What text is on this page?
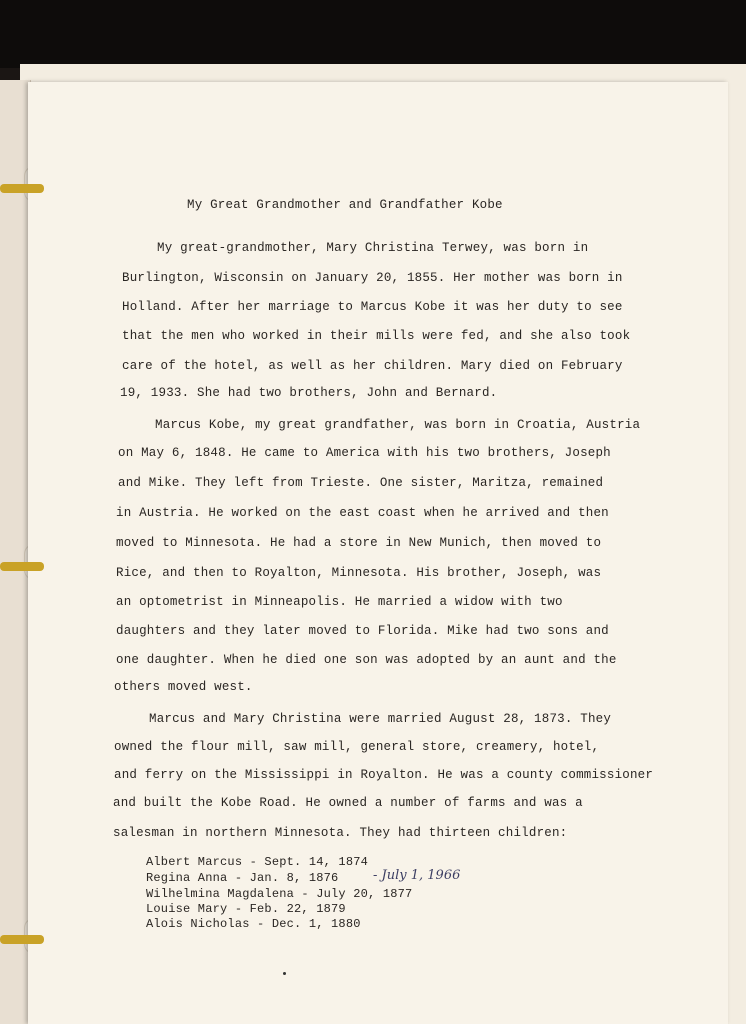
My Great Grandmother and Grandfather Kobe
My great-grandmother, Mary Christina Terwey, was born in
Burlington, Wisconsin on January 20, 1855. Her mother was born in
Holland. After her marriage to Marcus Kobe it was her duty to see
that the men who worked in their mills were fed, and she also took
care of the hotel, as well as her children. Mary died on February
19, 1933. She had two brothers, John and Bernard.
Marcus Kobe, my great grandfather, was born in Croatia, Austria
on May 6, 1848. He came to America with his two brothers, Joseph
and Mike. They left from Trieste. One sister, Maritza, remained
in Austria. He worked on the east coast when he arrived and then
moved to Minnesota. He had a store in New Munich, then moved to
Rice, and then to Royalton, Minnesota. His brother, Joseph, was
an optometrist in Minneapolis. He married a widow with two
daughters and they later moved to Florida. Mike had two sons and
one daughter. When he died one son was adopted by an aunt and the
others moved west.
Marcus and Mary Christina were married August 28, 1873. They
owned the flour mill, saw mill, general store, creamery, hotel,
and ferry on the Mississippi in Royalton. He was a county commissioner
and built the Kobe Road. He owned a number of farms and was a
salesman in northern Minnesota. They had thirteen children:
Albert Marcus - Sept. 14, 1874
Regina Anna - Jan. 8, 1876
Wilhelmina Magdalena - July 20, 1877
Louise Mary - Feb. 22, 1879
Alois Nicholas - Dec. 1, 1880
- July 1, 1966
